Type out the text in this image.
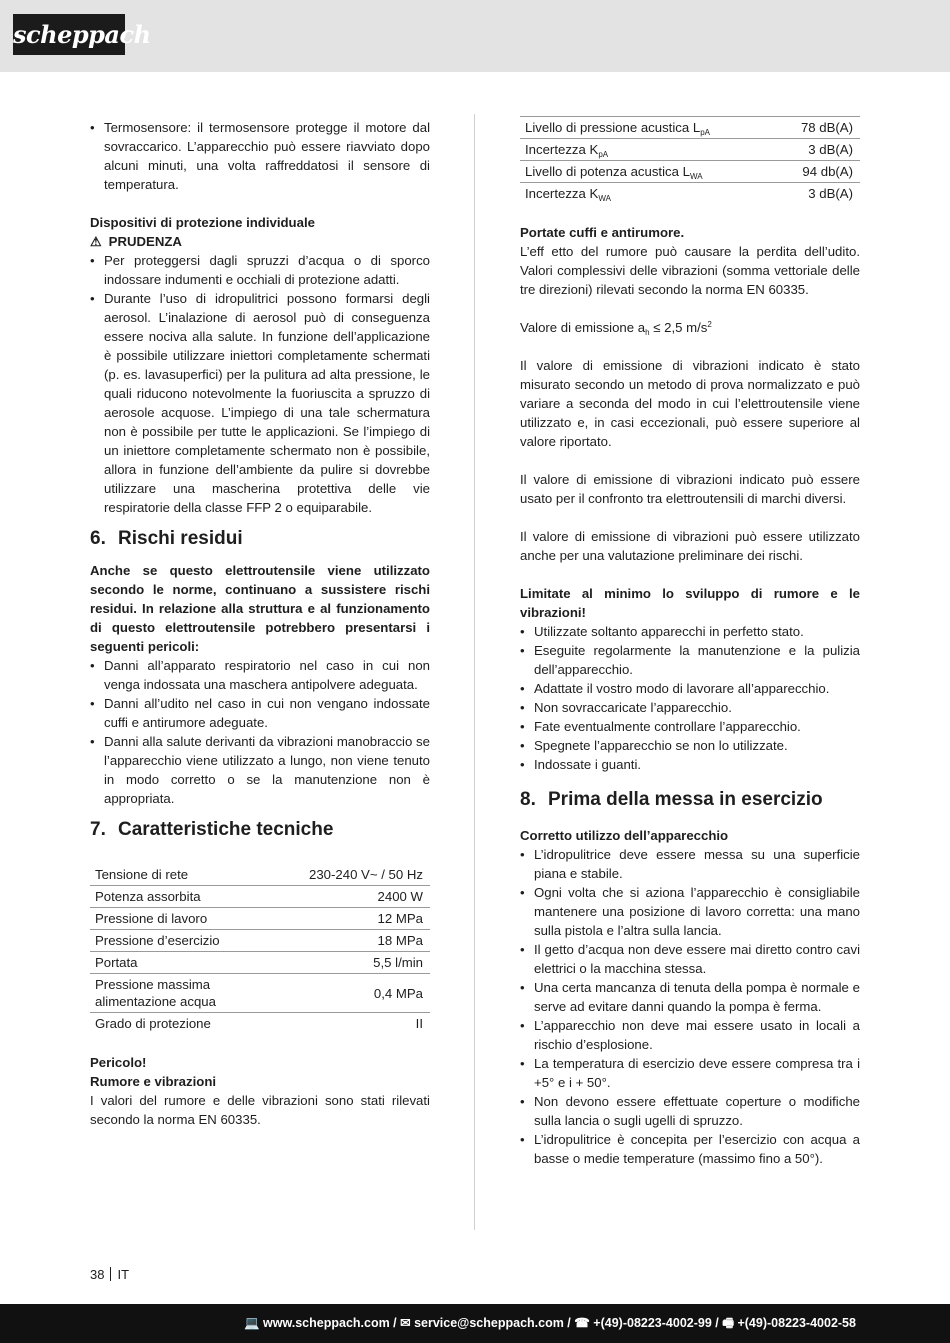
scheppach
• Termosensore: il termosensore protegge il motore dal sovraccarico. L’apparecchio può essere riavviato dopo alcuni minuti, una volta raffreddatosi il sensore di temperatura.

Dispositivi di protezione individuale

⚠ PRUDENZA

• Per proteggersi dagli spruzzi d’acqua o di sporco indossare indumenti e occhiali di protezione adatti.
• Durante l’uso di idropulitrici possono formarsi degli aerosol. L’inalazione di aerosol può di conseguenza essere nociva alla salute. In funzione dell’applicazione è possibile utilizzare iniettori completamente schermati (p. es. lavasuperfici) per la pulitura ad alta pressione, le quali riducono notevolmente la fuoriuscita a spruzzo di aerosole acquose. L’impiego di una tale schermatura non è possibile per tutte le applicazioni. Se l’impiego di un iniettore completamente schermato non è possibile, allora in funzione dell’ambiente da pulire si dovrebbe utilizzare una mascherina protettiva delle vie respiratorie della classe FFP 2 o equiparabile.
6. Rischi residui

Anche se questo elettroutensile viene utilizzato secondo le norme, continuano a sussistere rischi residui. In relazione alla struttura e al funzionamento di questo elettroutensile potrebbero presentarsi i seguenti pericoli:

• Danni all’apparato respiratorio nel caso in cui non venga indossata una maschera antipolvere adeguata.
• Danni all’udito nel caso in cui non vengano indossate cuffi e antirumore adeguate.
• Danni alla salute derivanti da vibrazioni manobraccio se l’apparecchio viene utilizzato a lungo, non viene tenuto in modo corretto o se la manutenzione non è appropriata.
7. Caratteristiche tecniche
Tensione di rete	230-240 V~ / 50 Hz
Potenza assorbita	2400 W
Pressione di lavoro	12 MPa
Pressione d’esercizio	18 MPa
Portata	5,5 l/min
Pressione massima alimentazione acqua	0,4 MPa
Grado di protezione	II

Pericolo!

Rumore e vibrazioni

I valori del rumore e delle vibrazioni sono stati rilevati secondo la norma EN 60335.

Livello di pressione acustica $L_{pA}$	78 dB(A)
Incertezza $K_{pA}$	3 dB(A)
Livello di potenza acustica $L_{WA}$	94 db(A)
Incertezza $K_{WA}$	3 dB(A)

Portate cuffi e antirumore.

L’eff etto del rumore può causare la perdita dell’udito. Valori complessivi delle vibrazioni (somma vettoriale delle tre direzioni) rilevati secondo la norma EN 60335.

Valore di emissione $a_h \le 2,5$ $m/s^2$

Il valore di emissione di vibrazioni indicato è stato misurato secondo un metodo di prova normalizzato e può variare a seconda del modo in cui l’elettroutensile viene utilizzato e, in casi eccezionali, può essere superiore al valore riportato.

Il valore di emissione di vibrazioni indicato può essere usato per il confronto tra elettroutensili di marchi diversi.

Il valore di emissione di vibrazioni può essere utilizzato anche per una valutazione preliminare dei rischi.

Limitate al minimo lo sviluppo di rumore e le vibrazioni!

• Utilizzate soltanto apparecchi in perfetto stato.
• Eseguite regolarmente la manutenzione e la pulizia dell’apparecchio.
• Adattate il vostro modo di lavorare all’apparecchio.
• Non sovraccaricate l’apparecchio.
• Fate eventualmente controllare l’apparecchio.
• Spegnete l’apparecchio se non lo utilizzate.
• Indossate i guanti.
8. Prima della messa in esercizio

Corretto utilizzo dell’apparecchio

• L’idropulitrice deve essere messa su una superficie piana e stabile.
• Ogni volta che si aziona l’apparecchio è consigliabile mantenere una posizione di lavoro corretta: una mano sulla pistola e l’altra sulla lancia.
• Il getto d’acqua non deve essere mai diretto contro cavi elettrici o la macchina stessa.
• Una certa mancanza di tenuta della pompa è normale e serve ad evitare danni quando la pompa è ferma.
• L’apparecchio non deve mai essere usato in locali a rischio d’esplosione.
• La temperatura di esercizio deve essere compresa tra i +5° e i + 50°.
• Non devono essere effettuate coperture o modifiche sulla lancia o sugli ugelli di spruzzo.
• L’idropulitrice è concepita per l’esercizio con acqua a basse o medie temperature (massimo fino a 50°).
38 IT
💻 www.scheppach.com / ✉ service@scheppach.com / ☎ +(49)-08223-4002-99 / 🖷 +(49)-08223-4002-58
